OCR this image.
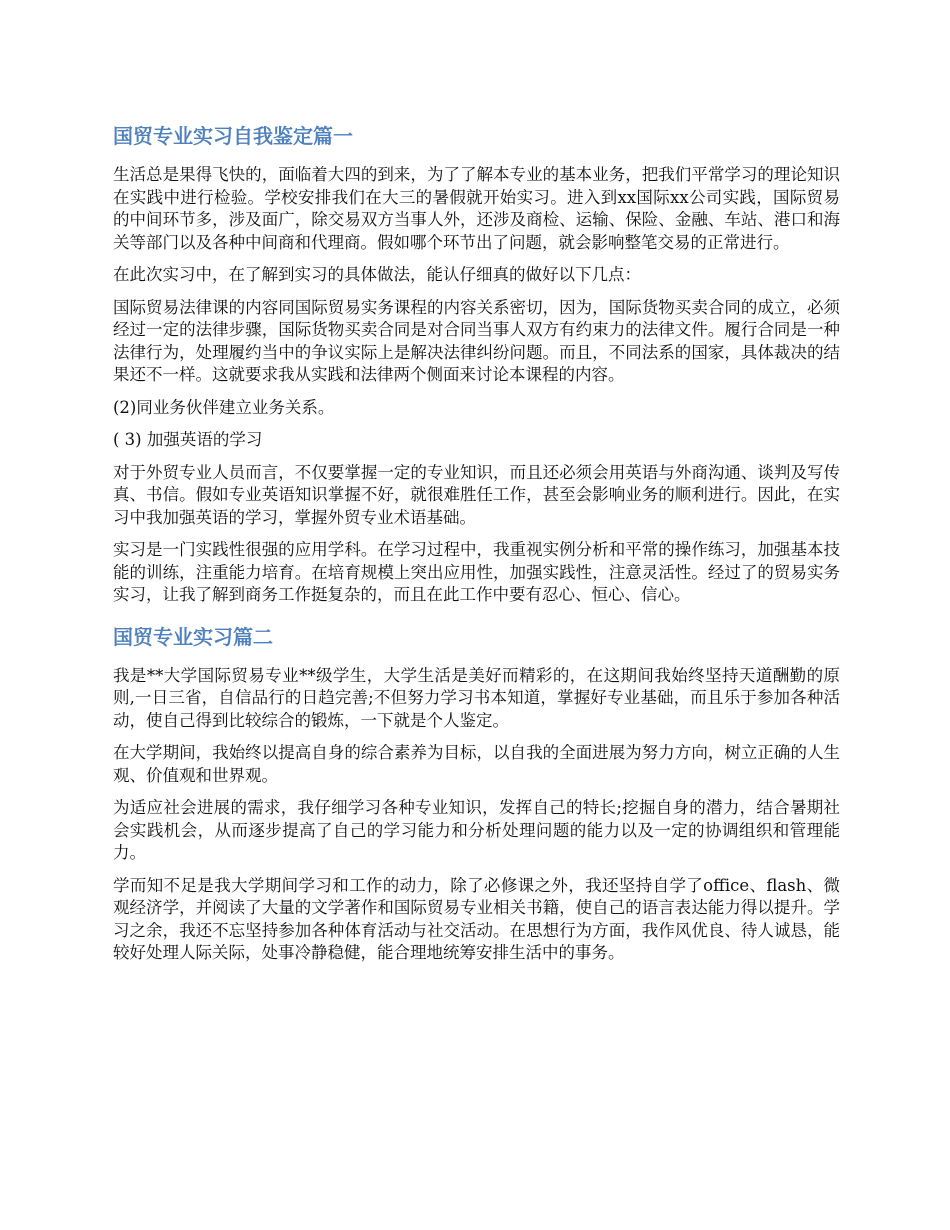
国贸专业实习自我鉴定篇一

生活总是果得飞快的，面临着大四的到来，为了了解本专业的基本业务，把我们平常学习的理论知识在实践中进行检验。学校安排我们在大三的暑假就开始实习。进入到xx国际xx公司实践，国际贸易的中间环节多，涉及面广，除交易双方当事人外，还涉及商检、运输、保险、金融、车站、港口和海关等部门以及各种中间商和代理商。假如哪个环节出了问题，就会影响整笔交易的正常进行。

在此次实习中，在了解到实习的具体做法，能认仔细真的做好以下几点：

国际贸易法律课的内容同国际贸易实务课程的内容关系密切，因为，国际货物买卖合同的成立，必须经过一定的法律步骤，国际货物买卖合同是对合同当事人双方有约束力的法律文件。履行合同是一种法律行为，处理履约当中的争议实际上是解决法律纠纷问题。而且，不同法系的国家，具体裁决的结果还不一样。这就要求我从实践和法律两个侧面来讨论本课程的内容。

(2)同业务伙伴建立业务关系。

( 3) 加强英语的学习

对于外贸专业人员而言，不仅要掌握一定的专业知识，而且还必须会用英语与外商沟通、谈判及写传真、书信。假如专业英语知识掌握不好，就很难胜任工作，甚至会影响业务的顺利进行。因此，在实习中我加强英语的学习，掌握外贸专业术语基础。

实习是一门实践性很强的应用学科。在学习过程中，我重视实例分析和平常的操作练习，加强基本技能的训练，注重能力培育。在培育规模上突出应用性，加强实践性，注意灵活性。经过了的贸易实务实习，让我了解到商务工作挺复杂的，而且在此工作中要有忍心、恒心、信心。

国贸专业实习篇二

我是**大学国际贸易专业**级学生，大学生活是美好而精彩的，在这期间我始终坚持天道酬勤的原则,一日三省，自信品行的日趋完善;不但努力学习书本知道，掌握好专业基础，而且乐于参加各种活动，使自己得到比较综合的锻炼，一下就是个人鉴定。

在大学期间，我始终以提高自身的综合素养为目标，以自我的全面进展为努力方向，树立正确的人生观、价值观和世界观。

为适应社会进展的需求，我仔细学习各种专业知识，发挥自己的特长;挖掘自身的潜力，结合暑期社会实践机会，从而逐步提高了自己的学习能力和分析处理问题的能力以及一定的协调组织和管理能力。

学而知不足是我大学期间学习和工作的动力，除了必修课之外，我还坚持自学了office、flash、微观经济学，并阅读了大量的文学著作和国际贸易专业相关书籍，使自己的语言表达能力得以提升。学习之余，我还不忘坚持参加各种体育活动与社交活动。在思想行为方面，我作风优良、待人诚恳，能较好处理人际关际，处事冷静稳健，能合理地统筹安排生活中的事务。
